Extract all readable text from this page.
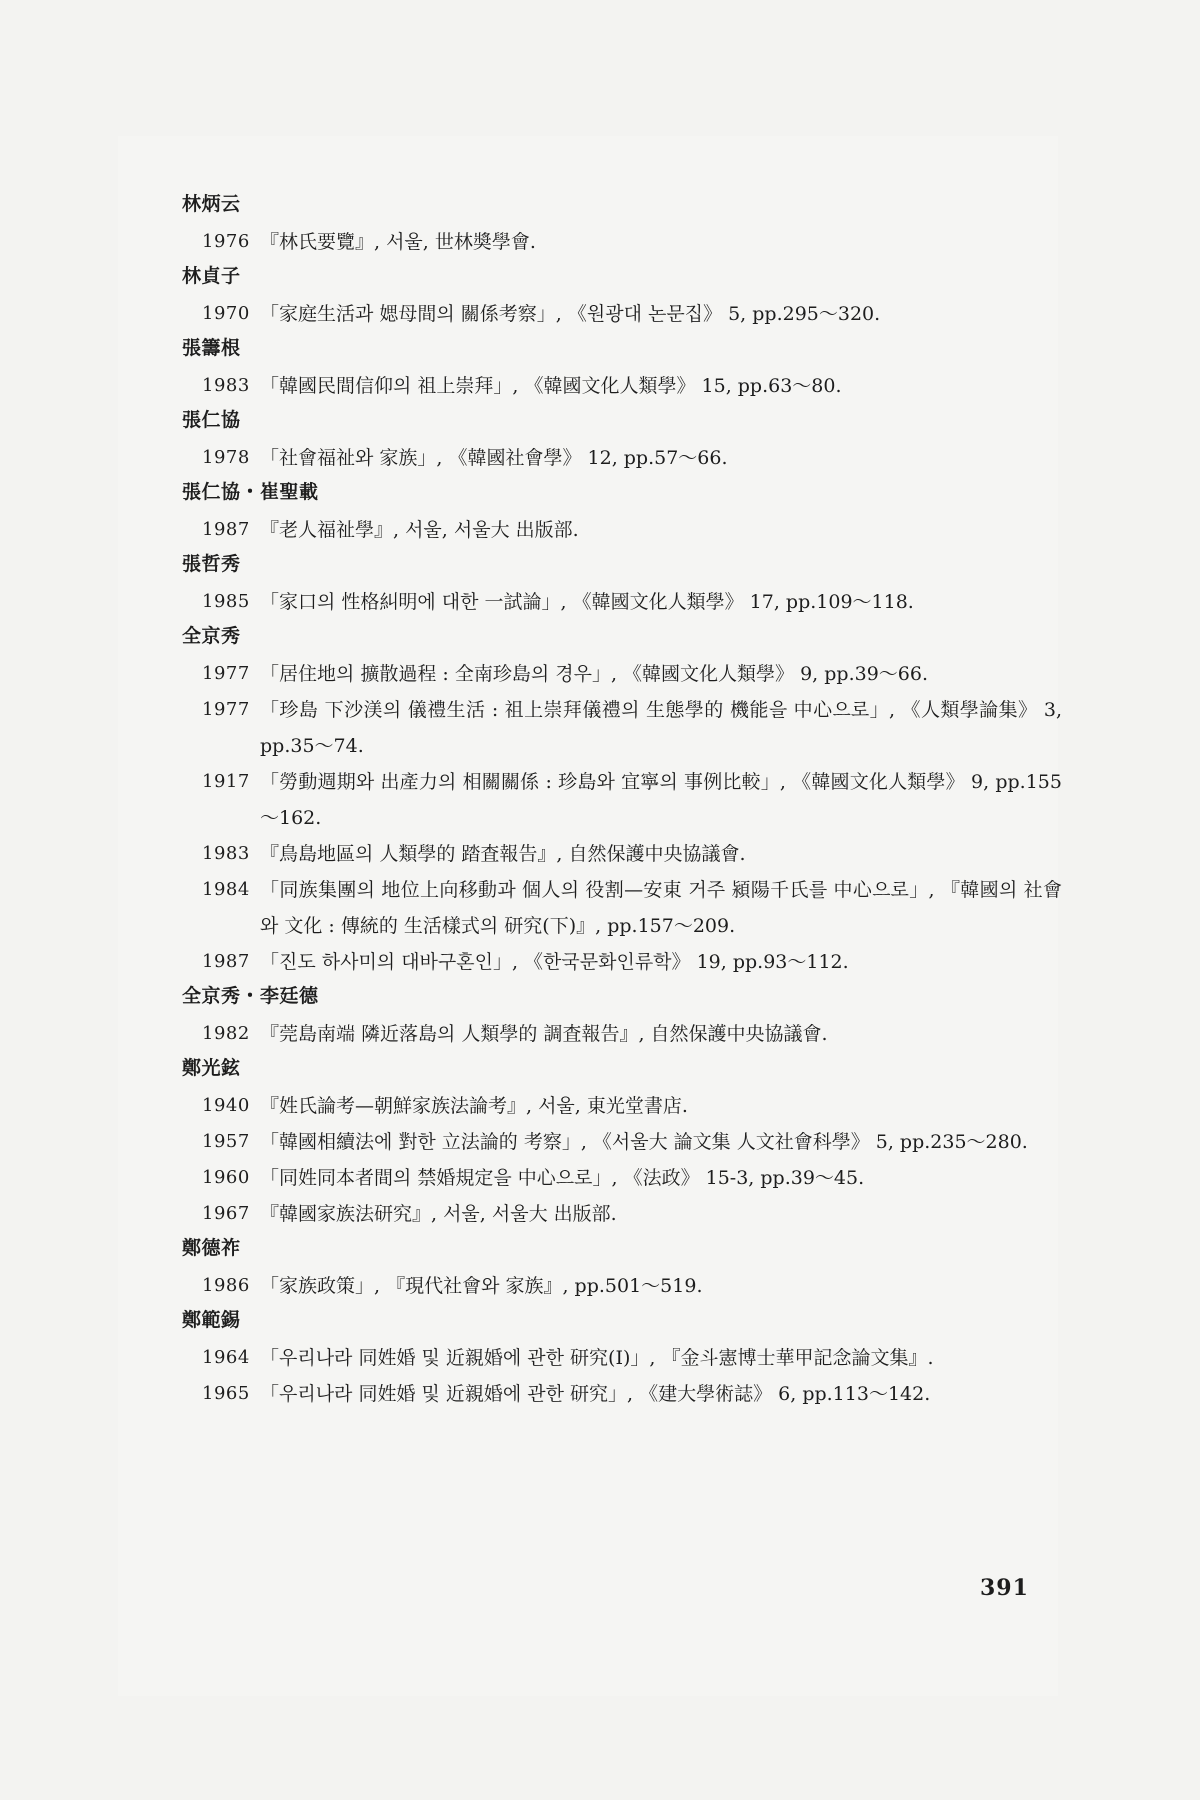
林炳云
1976 『林氏要覽』, 서울, 世林奬學會.
林貞子
1970 「家庭生活과 媤母間의 關係考察」, 《원광대 논문집》 5, pp.295～320.
張籌根
1983 「韓國民間信仰의 祖上崇拜」, 《韓國文化人類學》 15, pp.63～80.
張仁協
1978 「社會福祉와 家族」, 《韓國社會學》 12, pp.57～66.
張仁協・崔聖載
1987 『老人福祉學』, 서울, 서울大 出版部.
張哲秀
1985 「家口의 性格糾明에 대한 一試論」, 《韓國文化人類學》 17, pp.109～118.
全京秀
1977 「居住地의 擴散過程 : 全南珍島의 경우」, 《韓國文化人類學》 9, pp.39～66.
1977 「珍島 下沙渼의 儀禮生活 : 祖上崇拜儀禮의 生態學的 機能을 中心으로」, 《人類學論集》 3, pp.35～74.
1917 「勞動週期와 出產力의 相關關係 : 珍島와 宜寧의 事例比較」, 《韓國文化人類學》 9, pp.155～162.
1983 『鳥島地區의 人類學的 踏査報告』, 自然保護中央協議會.
1984 「同族集團의 地位上向移動과 個人의 役割—安東 거주 潁陽千氏를 中心으로」, 『韓國의 社會와 文化 : 傳統的 生活樣式의 研究(下)』, pp.157～209.
1987 「진도 하사미의 대바구혼인」, 《한국문화인류학》 19, pp.93～112.
全京秀・李廷德
1982 『莞島南端 隣近落島의 人類學的 調査報告』, 自然保護中央協議會.
鄭光鉉
1940 『姓氏論考—朝鮮家族法論考』, 서울, 東光堂書店.
1957 「韓國相續法에 對한 立法論的 考察」, 《서울大 論文集 人文社會科學》 5, pp.235～280.
1960 「同姓同本者間의 禁婚規定을 中心으로」, 《法政》 15-3, pp.39～45.
1967 『韓國家族法研究』, 서울, 서울大 出版部.
鄭德祚
1986 「家族政策」, 『現代社會와 家族』, pp.501～519.
鄭範錫
1964 「우리나라 同姓婚 및 近親婚에 관한 研究(Ⅰ)」, 『金斗憲博士華甲記念論文集』.
1965 「우리나라 同姓婚 및 近親婚에 관한 研究」, 《建大學術誌》 6, pp.113～142.
391
